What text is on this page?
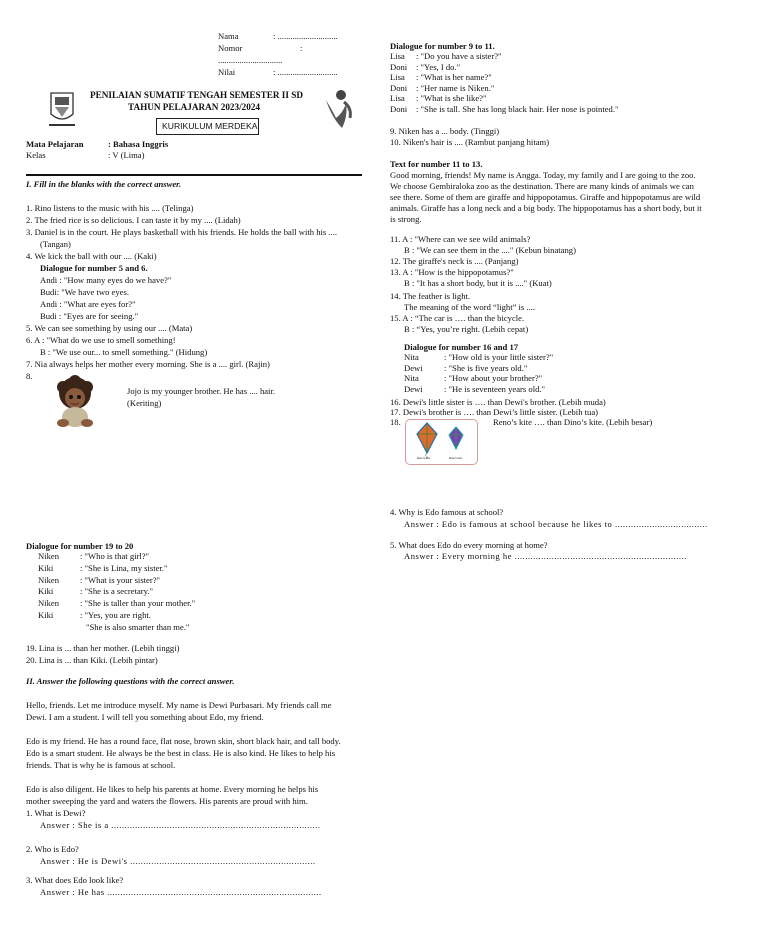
Nama	: ............................
Nomor	:
..............................
Nilai	: ............................
PENILAIAN SUMATIF TENGAH SEMESTER II SD
TAHUN PELAJARAN 2023/2024
KURIKULUM MERDEKA
Mata Pelajaran	: Bahasa Inggris
Kelas	: V (Lima)
I. Fill in the blanks with the correct answer.
1. Rino listens to the music with his .... (Telinga)
2. The fried rice is so delicious. I can taste it by my .... (Lidah)
3. Daniel is in the court. He plays basketball with his friends. He holds the ball with his ....
(Tangan)
4. We kick the ball with our .... (Kaki)
Dialogue for number 5 and 6.
Andi : "How many eyes do we have?"
Budi: "We have two eyes.
Andi : "What are eyes for?"
Budi : "Eyes are for seeing."
5. We can see something by using our .... (Mata)
6. A : "What do we use to smell something!
B : "We use our... to smell something." (Hidung)
7. Nia always helps her mother every morning. She is a .... girl. (Rajin)
8.
Jojo is my younger brother. He has .... hair.
(Keriting)
Dialogue for number 19 to 20
Niken : "Who is that girl?"
Kiki	: "She is Lina, my sister."
Niken : "What is your sister?"
Kiki	: "She is a secretary."
Niken : "She is taller than your mother."
Kiki	: "Yes, you are right.
"She is also smarter than me."
19. Lina is ... than her mother. (Lebih tinggi)
20. Lina is ... than Kiki. (Lebih pintar)
II. Answer the following questions with the correct answer.
Hello, friends. Let me introduce myself. My name is Dewi Purbasari. My friends call me
Dewi. I am a student. I will tell you something about Edo, my friend.
Edo is my friend. He has a round face, flat nose, brown skin, short black hair, and tall body.
Edo is a smart student. He always be the best in class. He is also kind. He likes to help his
friends. That is why he is famous at school.
Edo is also diligent. He likes to help his parents at home. Every morning he helps his
mother sweeping the yard and waters the flowers. His parents are proud with him.
1. What is Dewi?
Answer : She is a ...............................................................................
2. Who is Edo?
Answer : He is Dewi's ......................................................................
3. What does Edo look like?
Answer : He has .................................................................................
Dialogue for number 9 to 11.
Lisa : "Do you have a sister?"
Doni : "Yes, I do."
Lisa : "What is her name?"
Doni : "Her name is Niken."
Lisa : "What is she like?"
Doni : "She is tall. She has long black hair. Her nose is pointed."
9. Niken has a ... body. (Tinggi)
10. Niken's hair is .... (Rambut panjang hitam)
Text for number 11 to 13.
Good morning, friends! My name is Angga. Today, my family and I are going to the zoo.
We choose Gembiraloka zoo as the destination. There are many kinds of animals we can
see there. Some of them are giraffe and hippopotamus. Giraffe and hippopotamus are wild
animals. Giraffe has a long neck and a big body. The hippopotamus has a short body, but it
is strong.
11. A : "Where can we see wild animals?
B : "We can see them in the ...." (Kebun binatang)
12. The giraffe's neck is .... (Panjang)
13. A : "How is the hippopotamus?"
B : "It has a short body, but it is ...." (Kuat)
14. The feather is light.
The meaning of the word “light” is ....
15. A : “The car is …. than the bicycle.
B : “Yes, you’re right. (Lebih cepat)
Dialogue for number 16 and 17
Nita	: "How old is your little sister?"
Dewi : "She is five years old."
Nita	: "How about your brother?"
Dewi : "He is seventeen years old."
16. Dewi's little sister is …. than Dewi's brother. (Lebih muda)
17. Dewi's brother is …. than Dewi’s little sister. (Lebih tua)
18.
Reno's kite	Dino's kite
Reno’s kite …. than Dino’s kite. (Lebih besar)
4. Why is Edo famous at school?
Answer : Edo is famous at school because he likes to ...................................
5. What does Edo do every morning at home?
Answer : Every morning he .................................................................
